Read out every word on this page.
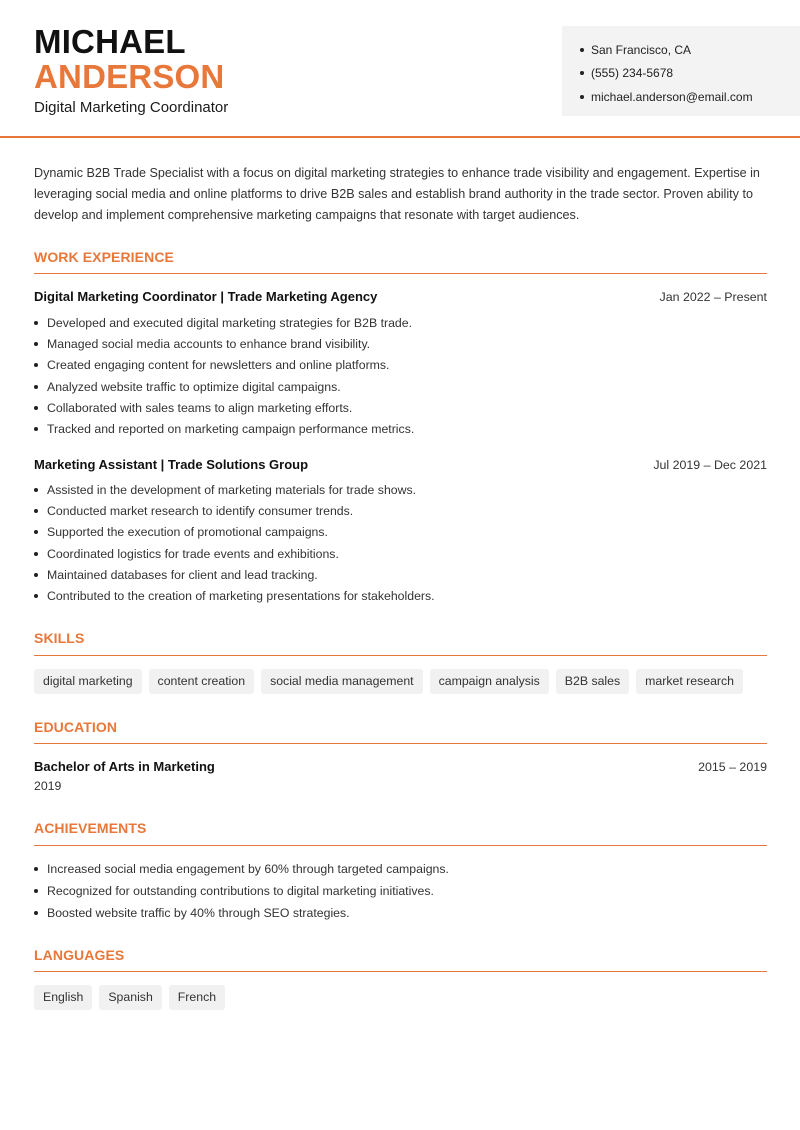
MICHAEL
ANDERSON
Digital Marketing Coordinator
San Francisco, CA
(555) 234-5678
michael.anderson@email.com

Dynamic B2B Trade Specialist with a focus on digital marketing strategies to enhance trade visibility and engagement. Expertise in leveraging social media and online platforms to drive B2B sales and establish brand authority in the trade sector. Proven ability to develop and implement comprehensive marketing campaigns that resonate with target audiences.

WORK EXPERIENCE
Digital Marketing Coordinator | Trade Marketing Agency	Jan 2022 – Present
Developed and executed digital marketing strategies for B2B trade.
Managed social media accounts to enhance brand visibility.
Created engaging content for newsletters and online platforms.
Analyzed website traffic to optimize digital campaigns.
Collaborated with sales teams to align marketing efforts.
Tracked and reported on marketing campaign performance metrics.
Marketing Assistant | Trade Solutions Group	Jul 2019 – Dec 2021
Assisted in the development of marketing materials for trade shows.
Conducted market research to identify consumer trends.
Supported the execution of promotional campaigns.
Coordinated logistics for trade events and exhibitions.
Maintained databases for client and lead tracking.
Contributed to the creation of marketing presentations for stakeholders.
SKILLS
digital marketing	content creation	social media management	campaign analysis	B2B sales	market research
EDUCATION
Bachelor of Arts in Marketing	2015 – 2019
2019
ACHIEVEMENTS
Increased social media engagement by 60% through targeted campaigns.
Recognized for outstanding contributions to digital marketing initiatives.
Boosted website traffic by 40% through SEO strategies.
LANGUAGES
English	Spanish	French
